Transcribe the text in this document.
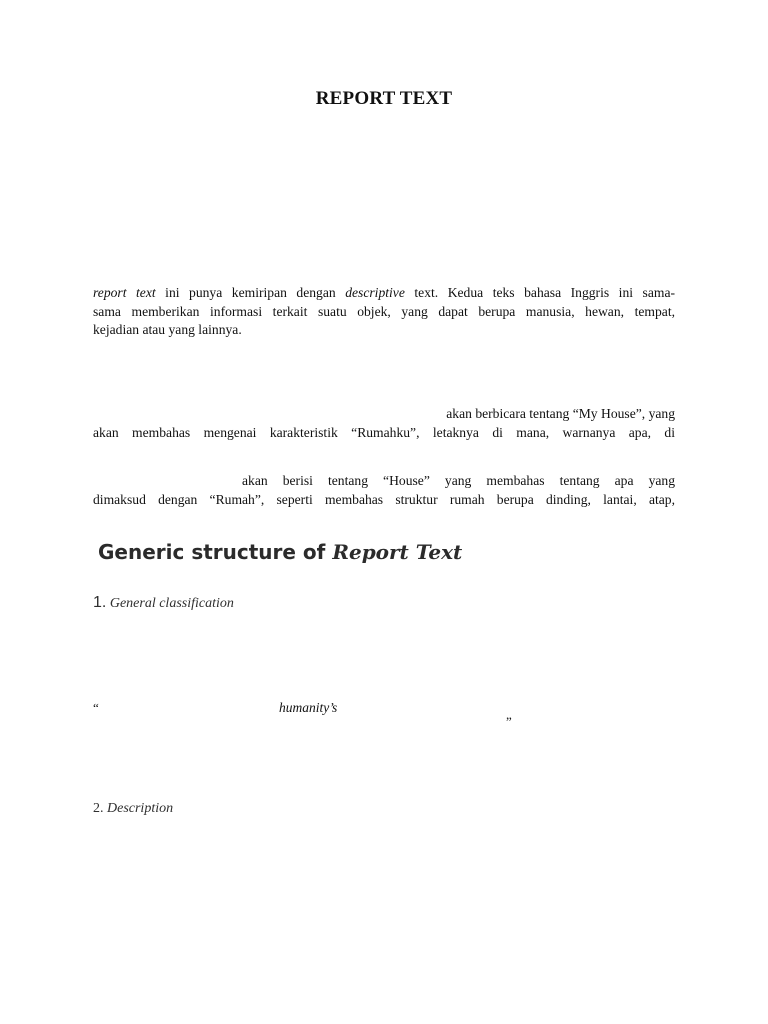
REPORT TEXT
report text ini punya kemiripan dengan descriptive text. Kedua teks bahasa Inggris ini sama-
sama memberikan informasi terkait suatu objek, yang dapat berupa manusia, hewan, tempat,
kejadian atau yang lainnya.
akan berbicara tentang “My House”, yang
akan membahas mengenai karakteristik “Rumahku”, letaknya di mana, warnanya apa, di
akan berisi tentang “House” yang membahas tentang apa yang
dimaksud dengan “Rumah”, seperti membahas struktur rumah berupa dinding, lantai, atap,
Generic structure of Report Text
1. General classification
“	humanity’s
”
2. Description
